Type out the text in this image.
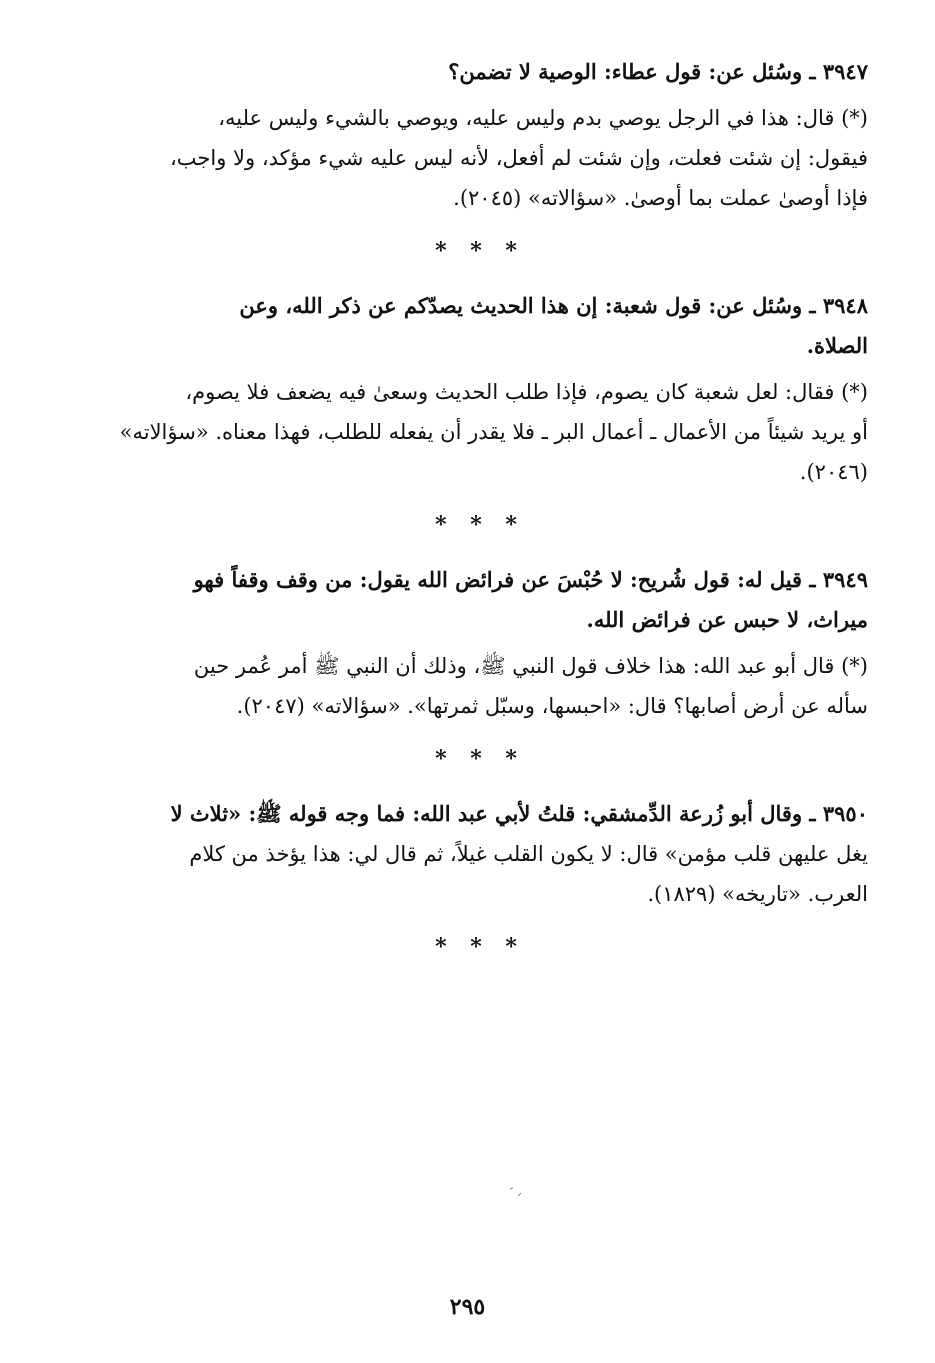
٣٩٤٧ ـ وسُئل عن: قول عطاء: الوصية لا تضمن؟
(*) قال: هذا في الرجل يوصي بدم وليس عليه، ويوصي بالشيء وليس عليه،
فيقول: إن شئت فعلت، وإن شئت لم أفعل، لأنه ليس عليه شيء مؤكد، ولا واجب،
فإذا أوصىٰ عملت بما أوصىٰ. «سؤالاته» (٢٠٤٥).
* * *
٣٩٤٨ ـ وسُئل عن: قول شعبة: إن هذا الحديث يصدّكم عن ذكر الله، وعن
الصلاة.
(*) فقال: لعل شعبة كان يصوم، فإذا طلب الحديث وسعىٰ فيه يضعف فلا يصوم،
أو يريد شيئاً من الأعمال ـ أعمال البر ـ فلا يقدر أن يفعله للطلب، فهذا معناه. «سؤالاته»
(٢٠٤٦).
* * *
٣٩٤٩ ـ قيل له: قول شُريح: لا حُبْسَ عن فرائض الله يقول: من وقف وقفاً فهو
ميراث، لا حبس عن فرائض الله.
(*) قال أبو عبد الله: هذا خلاف قول النبي ﷺ، وذلك أن النبي ﷺ أمر عُمر حين
سأله عن أرض أصابها؟ قال: «احبسها، وسبّل ثمرتها». «سؤالاته» (٢٠٤٧).
* * *
٣٩٥٠ ـ وقال أبو زُرعة الدِّمشقي: قلتُ لأبي عبد الله: فما وجه قوله ﷺ: «ثلاث لا
يغل عليهن قلب مؤمن» قال: لا يكون القلب غيلاً، ثم قال لي: هذا يؤخذ من كلام
العرب. «تاريخه» (١٨٢٩).
* * *
٢٩٥
